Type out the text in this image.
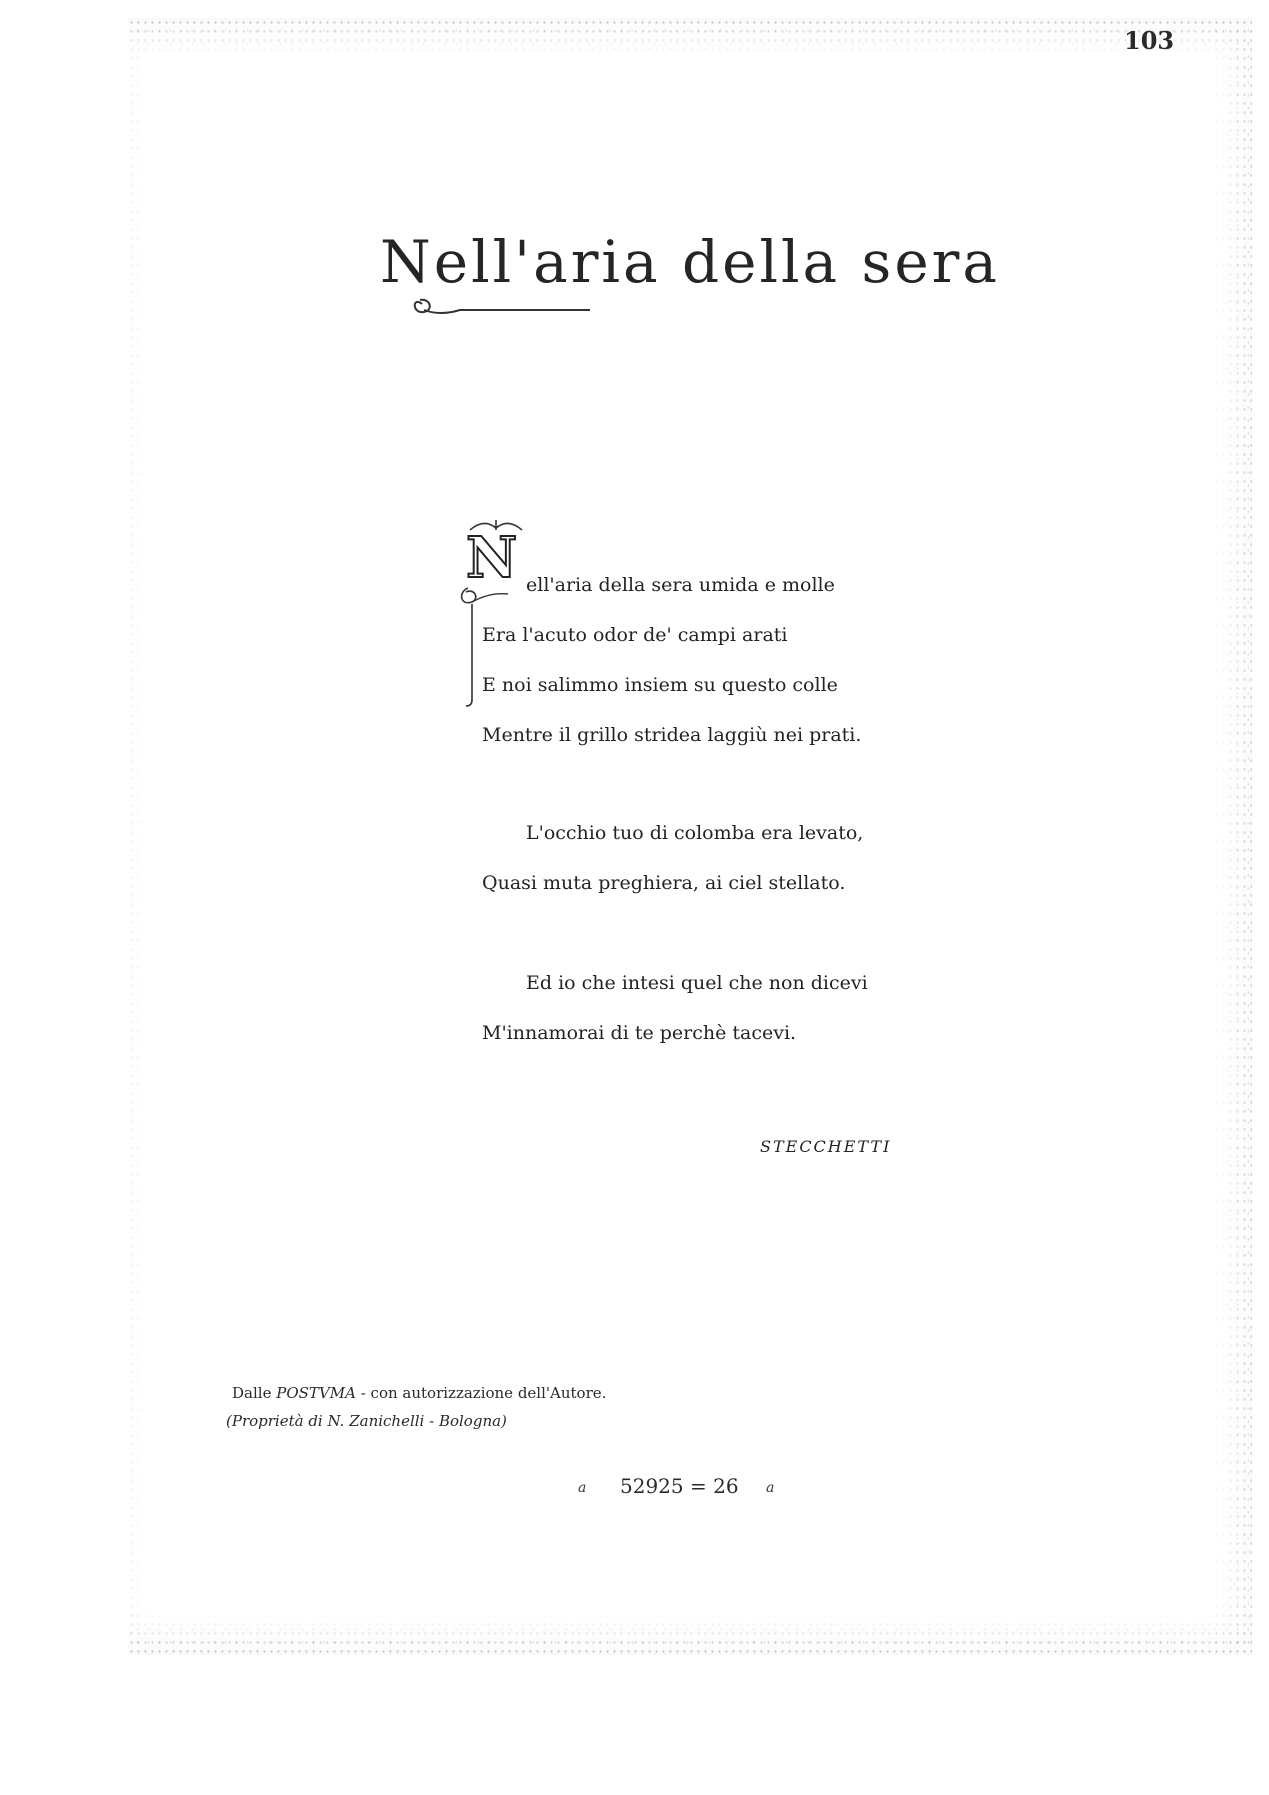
103
Nell'aria della sera
N ell'aria della sera umida e molle
Era l'acuto odor de' campi arati
E noi salimmo insiem su questo colle
Mentre il grillo stridea laggiù nei prati.
L'occhio tuo di colomba era levato,
Quasi muta preghiera, ai ciel stellato.
Ed io che intesi quel che non dicevi
M'innamorai di te perchè tacevi.
STECCHETTI
Dalle POSTVMA - con autorizzazione dell'Autore.
(Proprietà di N. Zanichelli - Bologna)
a 52925 = 26 a
